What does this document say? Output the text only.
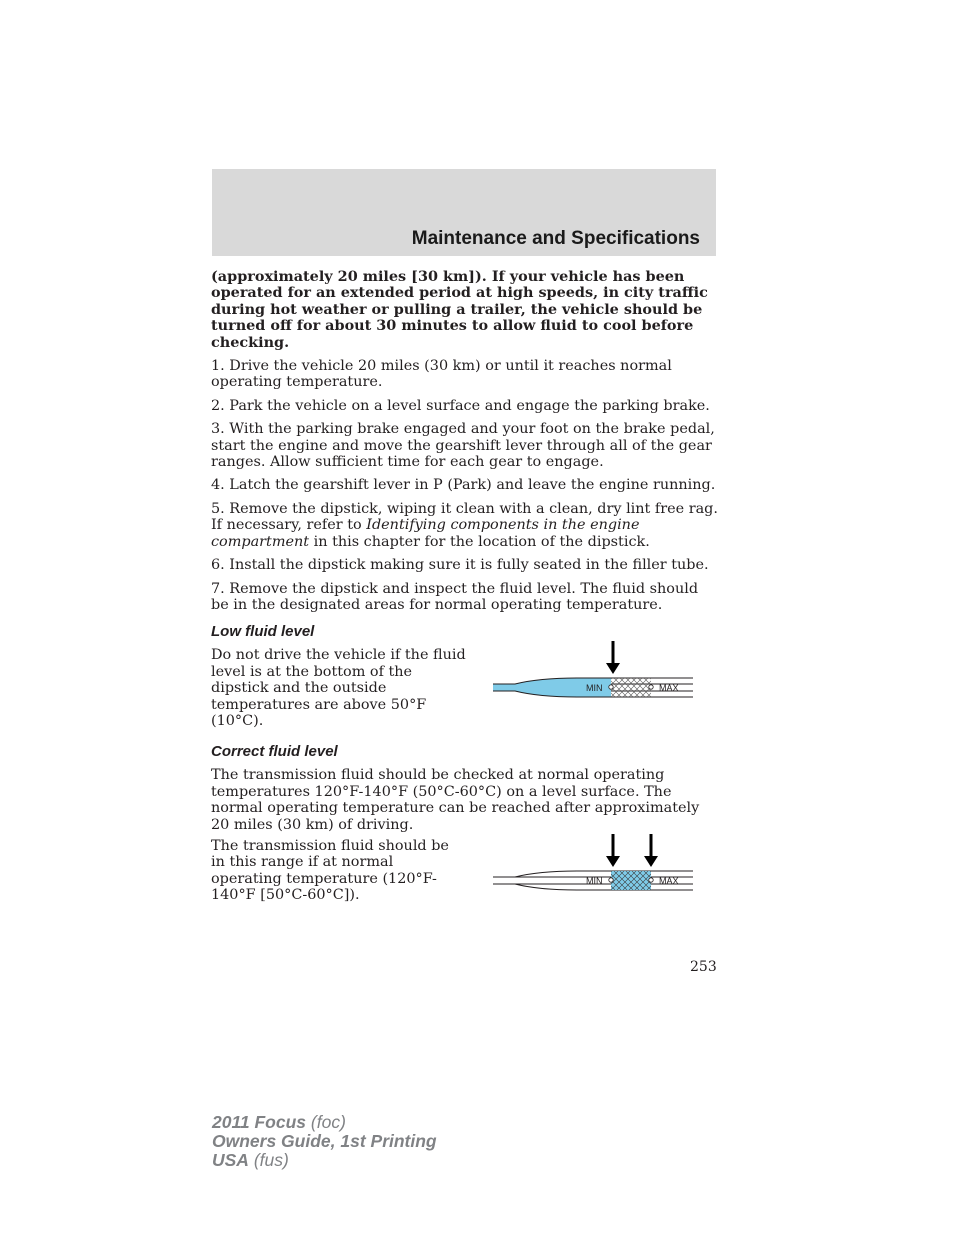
Maintenance and Specifications

(approximately 20 miles [30 km]). If your vehicle has been operated for an extended period at high speeds, in city traffic during hot weather or pulling a trailer, the vehicle should be turned off for about 30 minutes to allow fluid to cool before checking.

1. Drive the vehicle 20 miles (30 km) or until it reaches normal operating temperature.

2. Park the vehicle on a level surface and engage the parking brake.

3. With the parking brake engaged and your foot on the brake pedal, start the engine and move the gearshift lever through all of the gear ranges. Allow sufficient time for each gear to engage.

4. Latch the gearshift lever in P (Park) and leave the engine running.

5. Remove the dipstick, wiping it clean with a clean, dry lint free rag. If necessary, refer to Identifying components in the engine compartment in this chapter for the location of the dipstick.

6. Install the dipstick making sure it is fully seated in the filler tube.

7. Remove the dipstick and inspect the fluid level. The fluid should be in the designated areas for normal operating temperature.

Low fluid level

Do not drive the vehicle if the fluid level is at the bottom of the dipstick and the outside temperatures are above 50°F (10°C).

MIN	MAX
Correct fluid level

The transmission fluid should be checked at normal operating temperatures 120°F-140°F (50°C-60°C) on a level surface. The normal operating temperature can be reached after approximately 20 miles (30 km) of driving.

The transmission fluid should be in this range if at normal operating temperature (120°F-140°F [50°C-60°C]).

MIN	MAX
253
2011 Focus (foc)
Owners Guide, 1st Printing
USA (fus)
